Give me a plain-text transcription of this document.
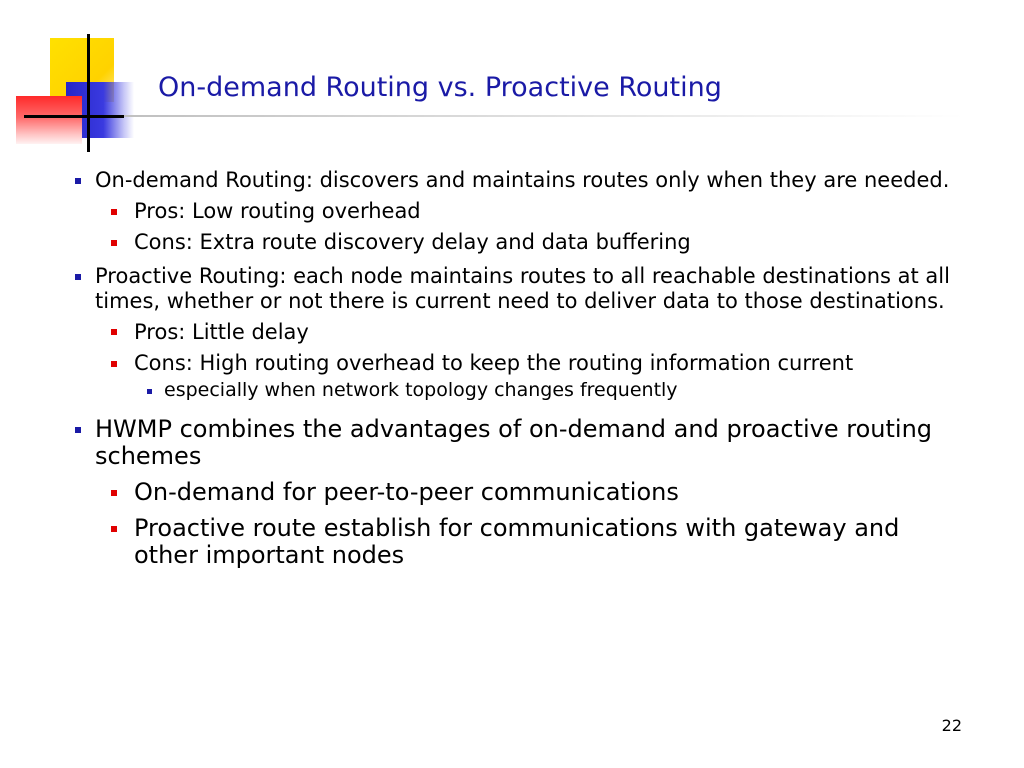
On-demand Routing vs. Proactive Routing
On-demand Routing: discovers and maintains routes only when they are needed.
Pros: Low routing overhead
Cons: Extra route discovery delay and data buffering
Proactive Routing: each node maintains routes to all reachable destinations at all times, whether or not there is current need to deliver data to those destinations.
Pros: Little delay
Cons: High routing overhead to keep the routing information current
especially when network topology changes frequently
HWMP combines the advantages of on-demand and proactive routing schemes
On-demand for peer-to-peer communications
Proactive route establish for communications with gateway and other important nodes
22
